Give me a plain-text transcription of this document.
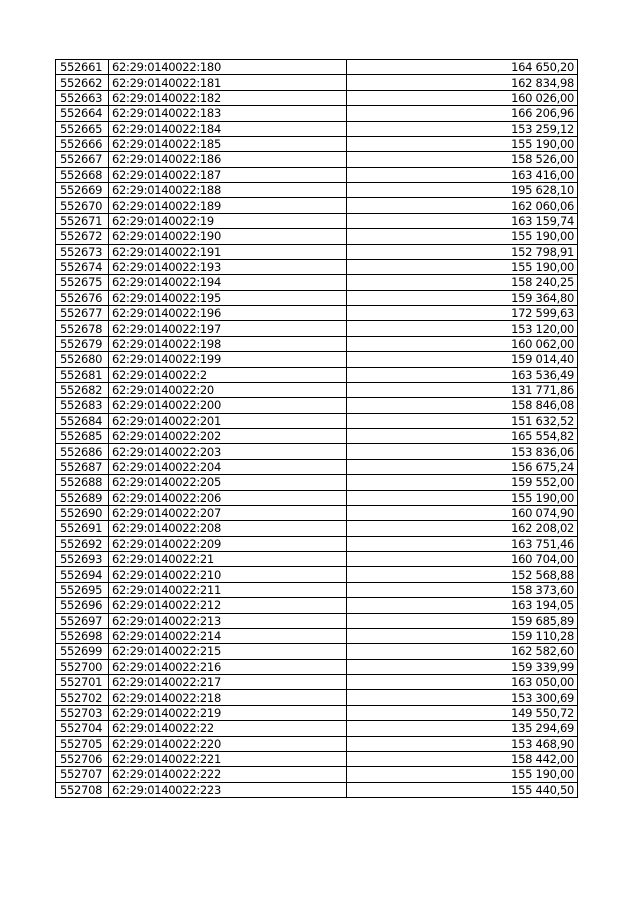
552661	62:29:0140022:180	164 650,20
552662	62:29:0140022:181	162 834,98
552663	62:29:0140022:182	160 026,00
552664	62:29:0140022:183	166 206,96
552665	62:29:0140022:184	153 259,12
552666	62:29:0140022:185	155 190,00
552667	62:29:0140022:186	158 526,00
552668	62:29:0140022:187	163 416,00
552669	62:29:0140022:188	195 628,10
552670	62:29:0140022:189	162 060,06
552671	62:29:0140022:19	163 159,74
552672	62:29:0140022:190	155 190,00
552673	62:29:0140022:191	152 798,91
552674	62:29:0140022:193	155 190,00
552675	62:29:0140022:194	158 240,25
552676	62:29:0140022:195	159 364,80
552677	62:29:0140022:196	172 599,63
552678	62:29:0140022:197	153 120,00
552679	62:29:0140022:198	160 062,00
552680	62:29:0140022:199	159 014,40
552681	62:29:0140022:2	163 536,49
552682	62:29:0140022:20	131 771,86
552683	62:29:0140022:200	158 846,08
552684	62:29:0140022:201	151 632,52
552685	62:29:0140022:202	165 554,82
552686	62:29:0140022:203	153 836,06
552687	62:29:0140022:204	156 675,24
552688	62:29:0140022:205	159 552,00
552689	62:29:0140022:206	155 190,00
552690	62:29:0140022:207	160 074,90
552691	62:29:0140022:208	162 208,02
552692	62:29:0140022:209	163 751,46
552693	62:29:0140022:21	160 704,00
552694	62:29:0140022:210	152 568,88
552695	62:29:0140022:211	158 373,60
552696	62:29:0140022:212	163 194,05
552697	62:29:0140022:213	159 685,89
552698	62:29:0140022:214	159 110,28
552699	62:29:0140022:215	162 582,60
552700	62:29:0140022:216	159 339,99
552701	62:29:0140022:217	163 050,00
552702	62:29:0140022:218	153 300,69
552703	62:29:0140022:219	149 550,72
552704	62:29:0140022:22	135 294,69
552705	62:29:0140022:220	153 468,90
552706	62:29:0140022:221	158 442,00
552707	62:29:0140022:222	155 190,00
552708	62:29:0140022:223	155 440,50
